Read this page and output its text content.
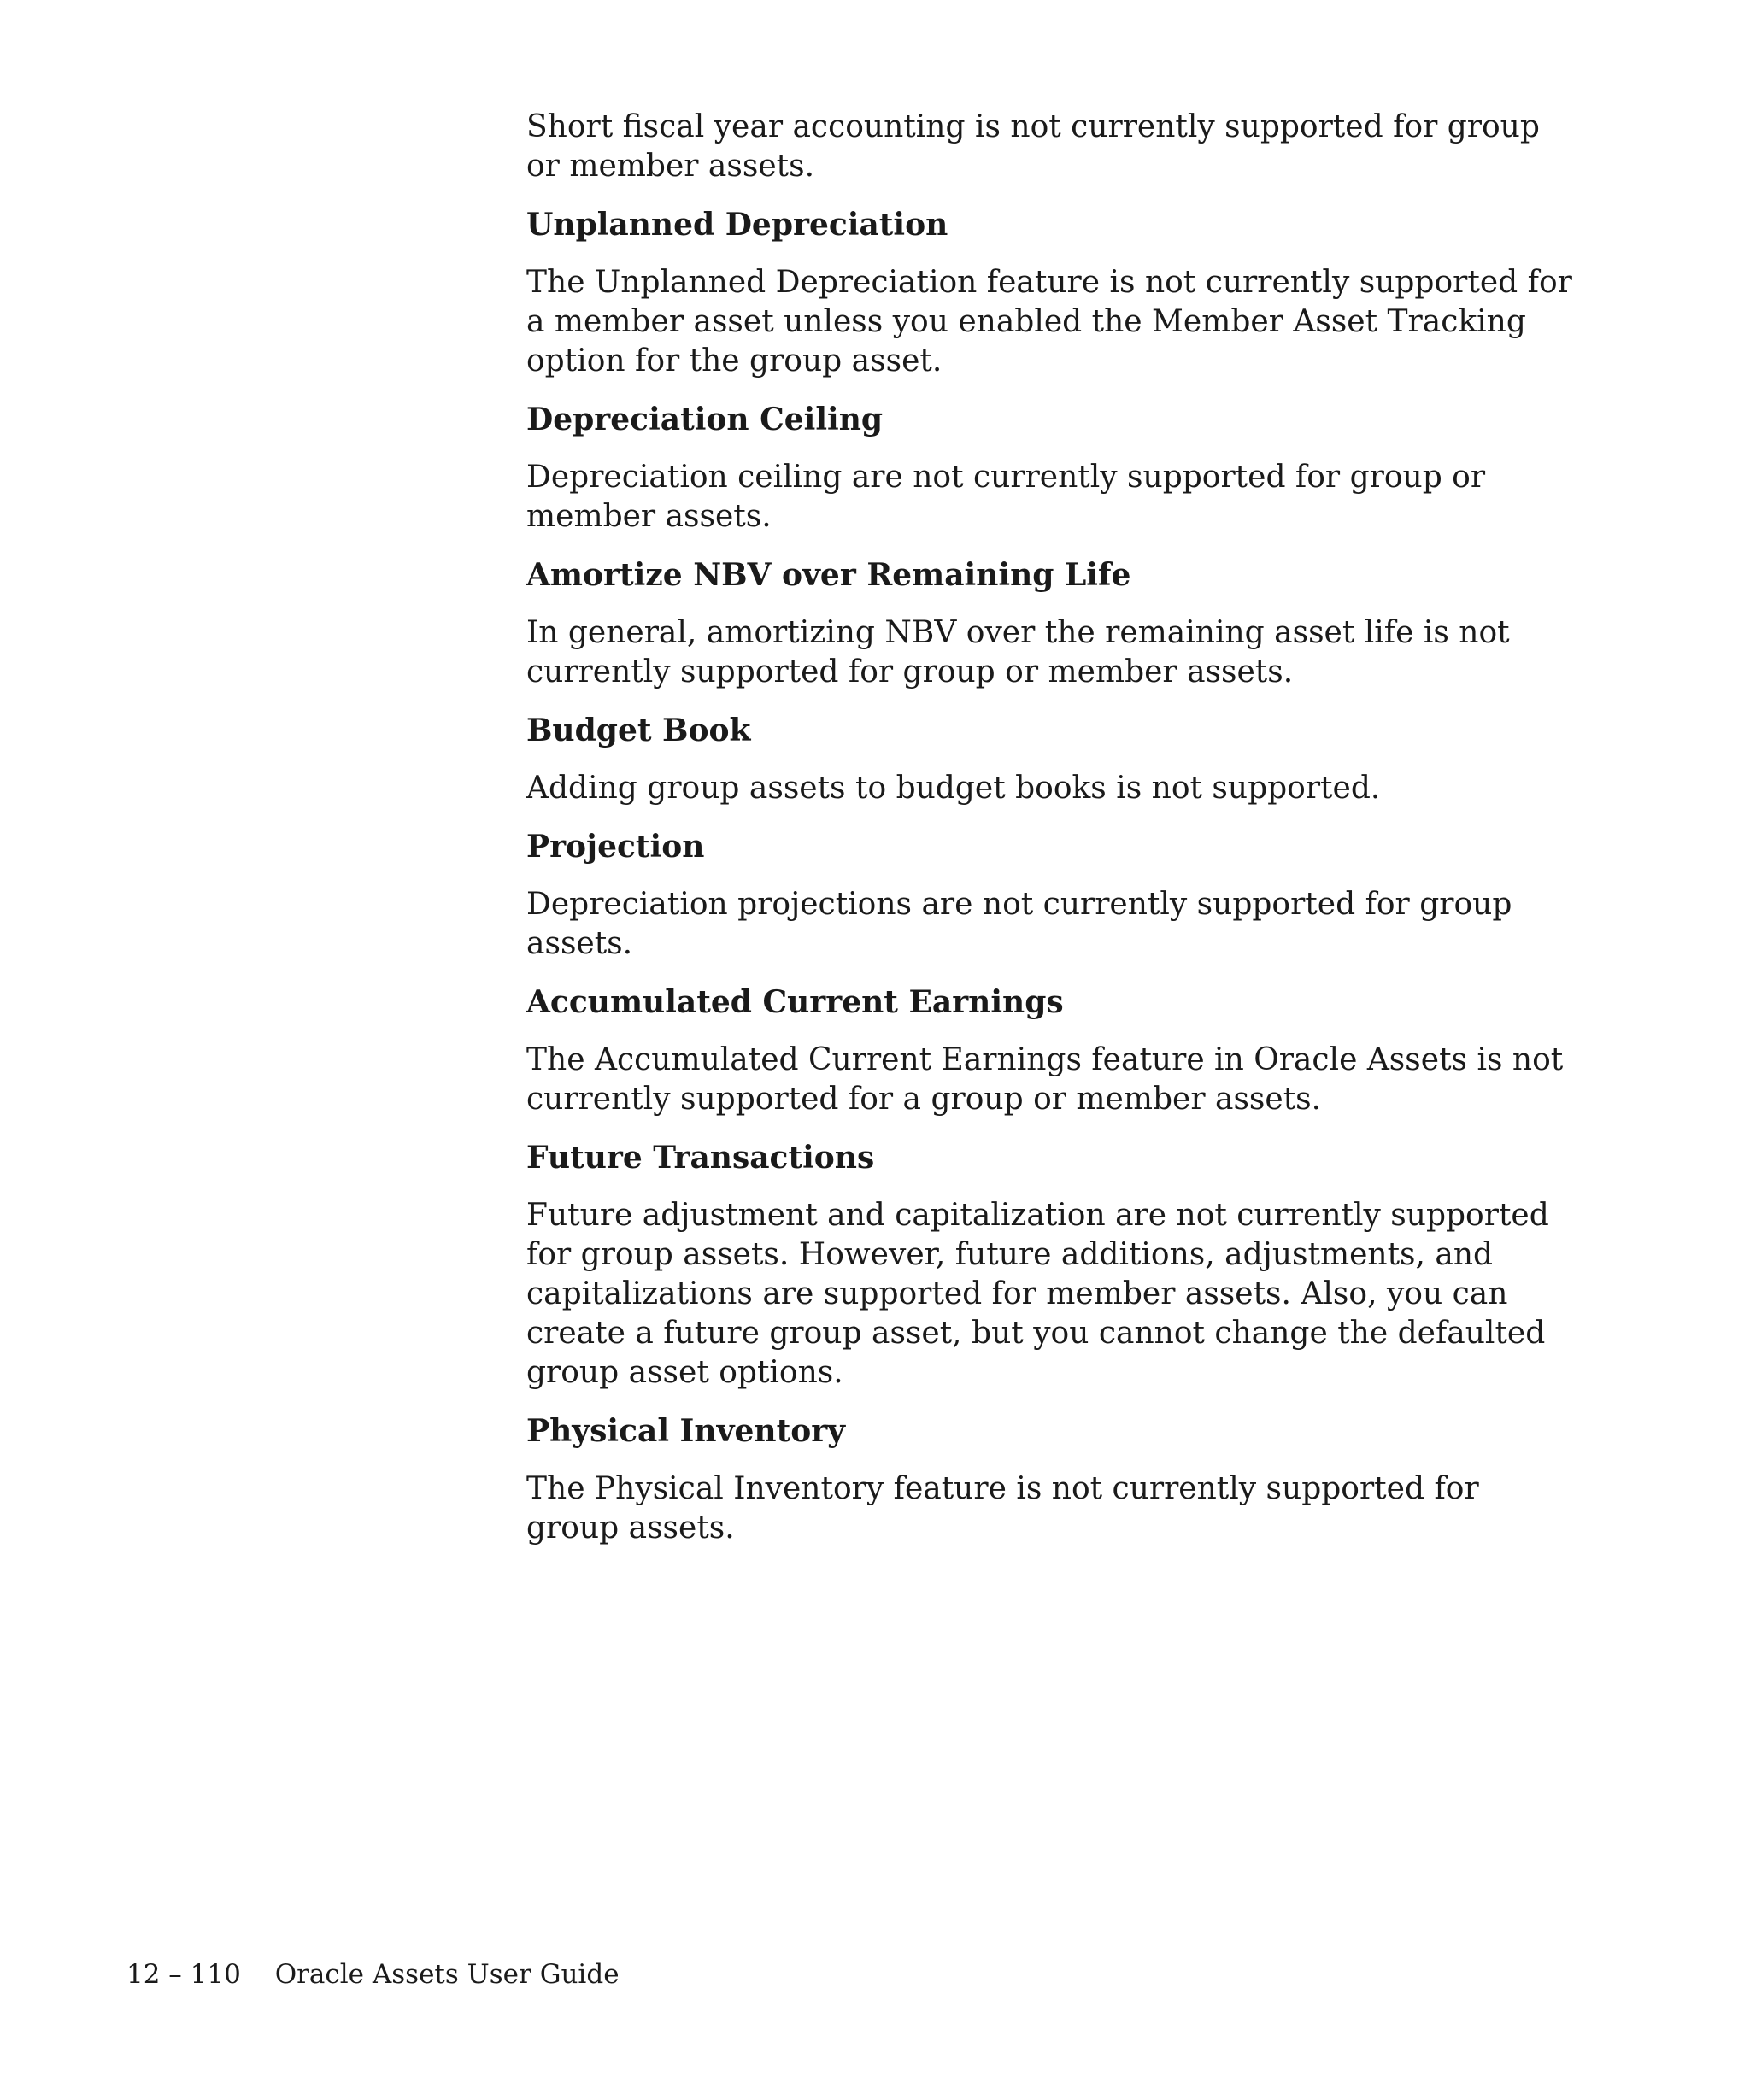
Short fiscal year accounting is not currently supported for group or member assets.

Unplanned Depreciation

The Unplanned Depreciation feature is not currently supported for a member asset unless you enabled the Member Asset Tracking option for the group asset.

Depreciation Ceiling

Depreciation ceiling are not currently supported for group or member assets.

Amortize NBV over Remaining Life

In general, amortizing NBV over the remaining asset life is not currently supported for group or member assets.

Budget Book

Adding group assets to budget books is not supported.

Projection

Depreciation projections are not currently supported for group assets.

Accumulated Current Earnings

The Accumulated Current Earnings feature in Oracle Assets is not currently supported for a group or member assets.

Future Transactions

Future adjustment and capitalization are not currently supported for group assets. However, future additions, adjustments, and capitalizations are supported for member assets. Also, you can create a future group asset, but you cannot change the defaulted group asset options.

Physical Inventory

The Physical Inventory feature is not currently supported for group assets.

12 – 110 Oracle Assets User Guide
